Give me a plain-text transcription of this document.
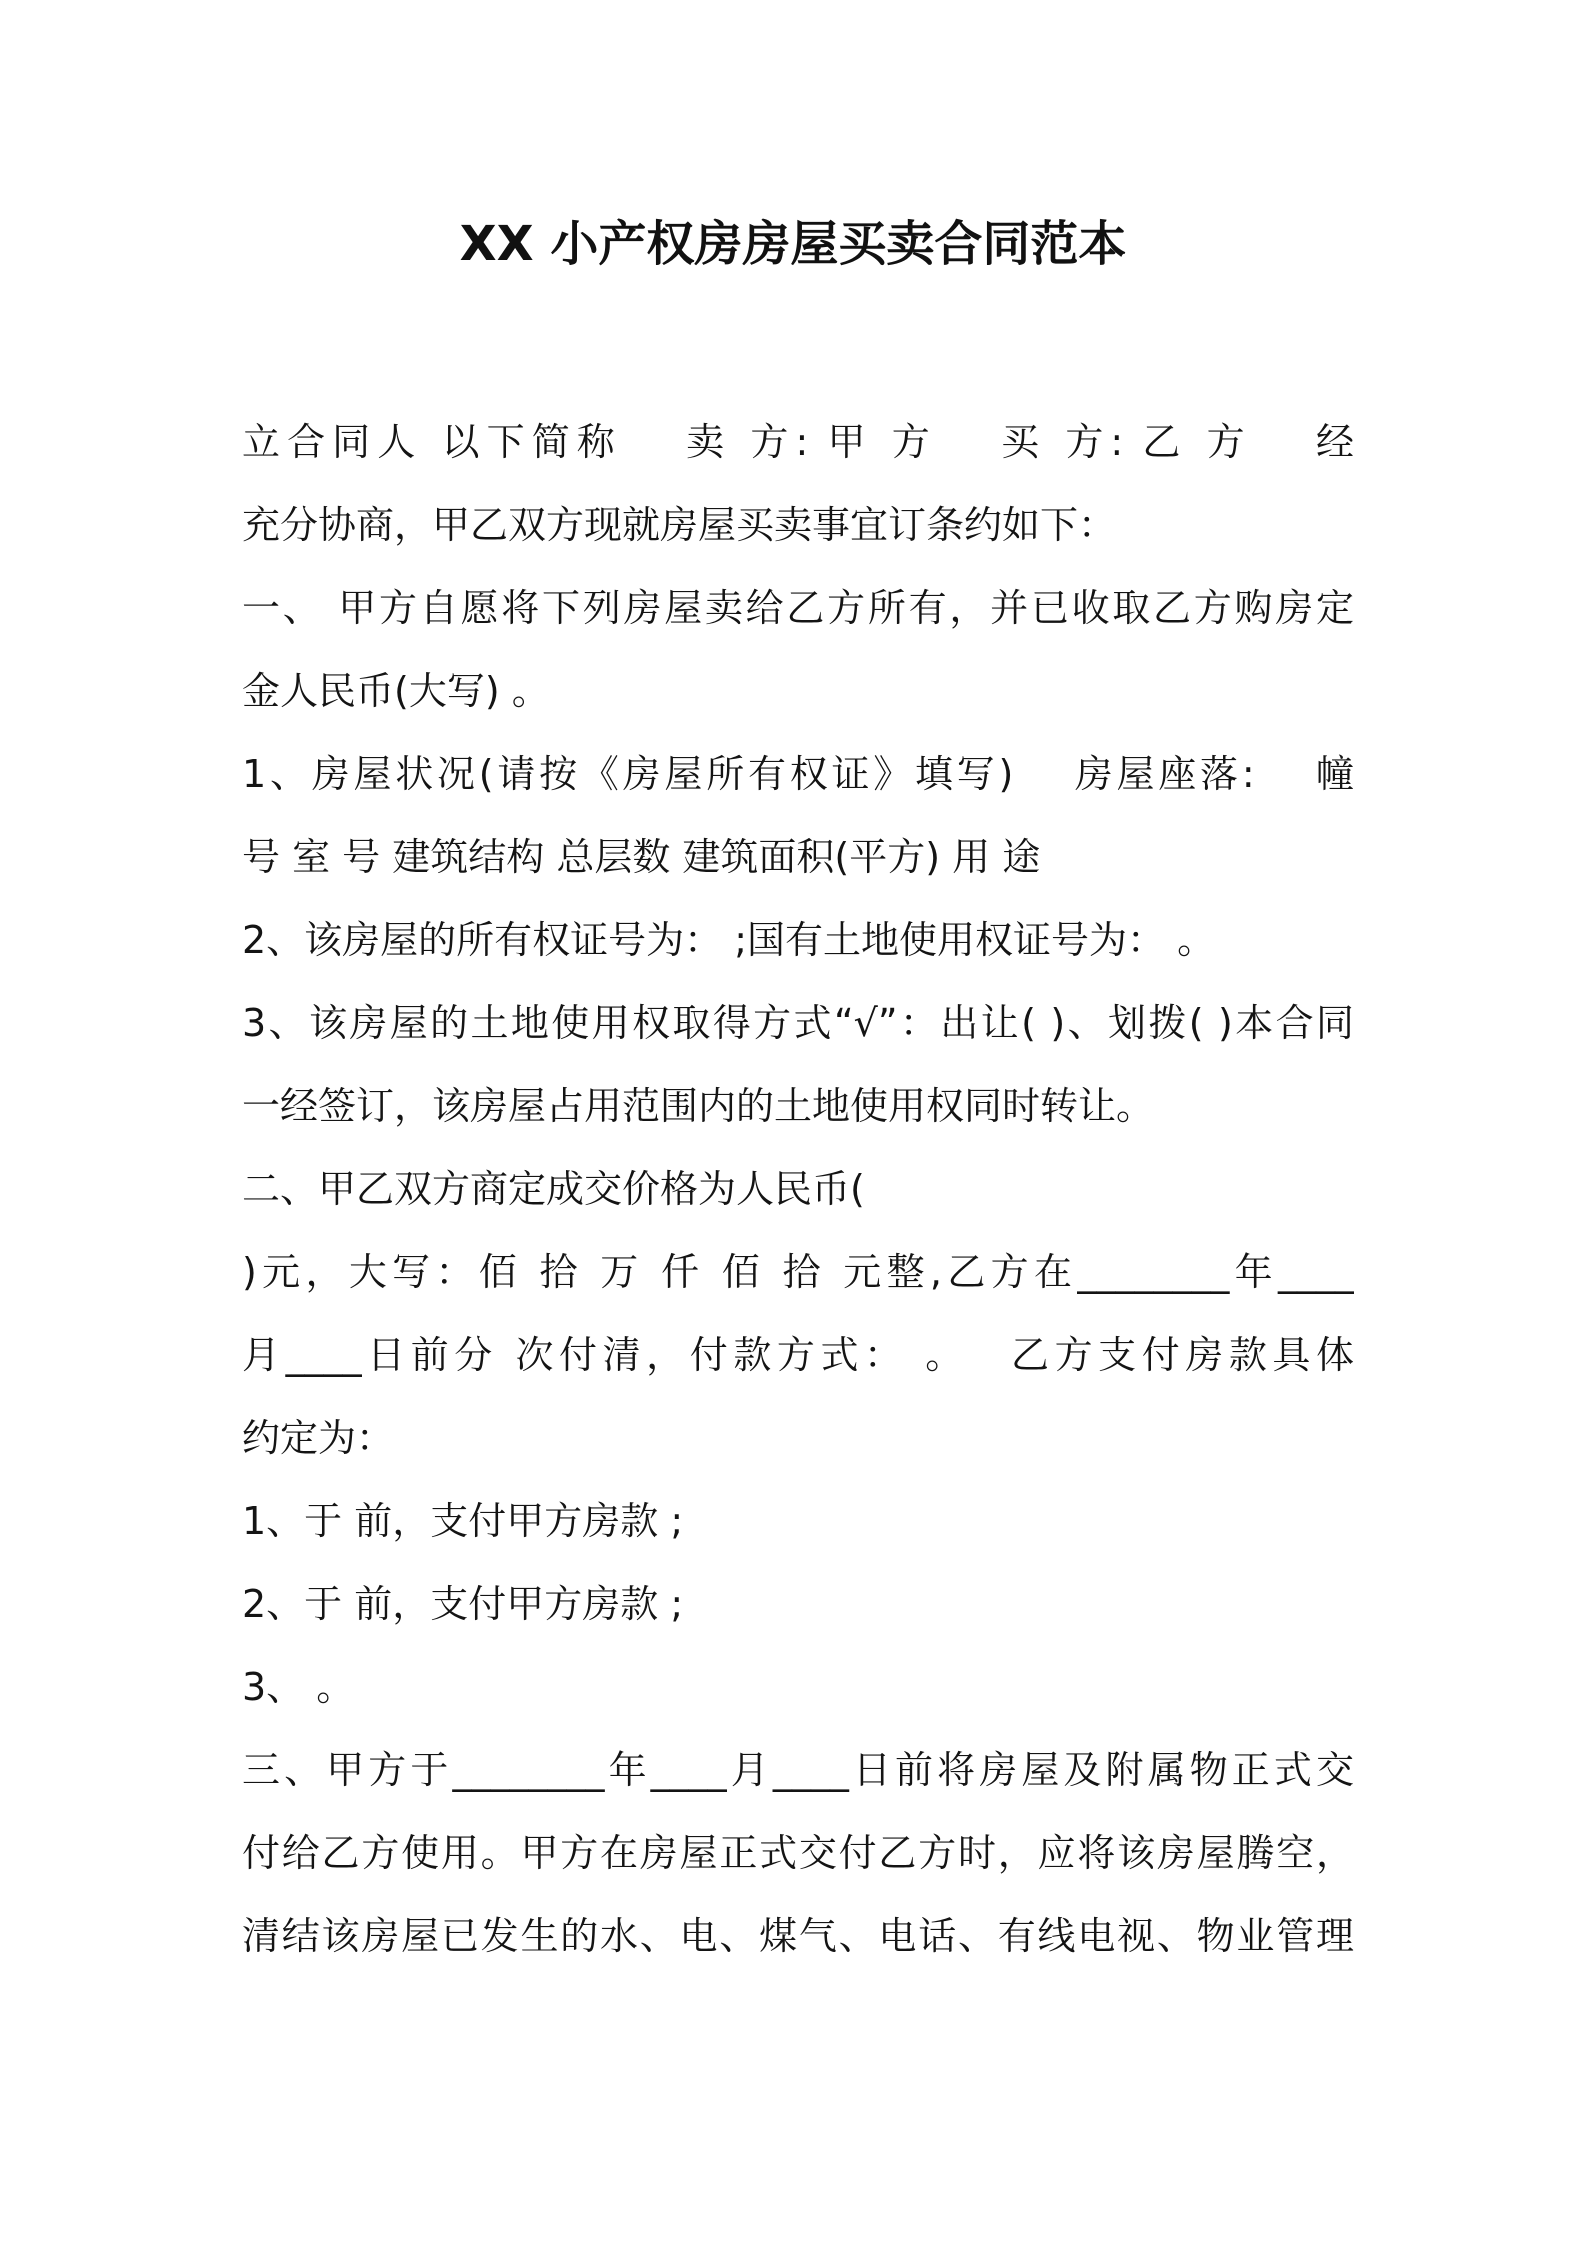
XX 小产权房房屋买卖合同范本
立合同人 以下简称　 卖 方: 甲 方　 买 方: 乙 方　 经
充分协商，甲乙双方现就房屋买卖事宜订条约如下：
一、 甲方自愿将下列房屋卖给乙方所有，并已收取乙方购房定
金人民币(大写) 。
1、房屋状况(请按《房屋所有权证》填写)　 房屋座落:　 幢
号 室 号 建筑结构 总层数 建筑面积(平方) 用 途
2、该房屋的所有权证号为： ;国有土地使用权证号为： 。
3、该房屋的土地使用权取得方式“√”：出让( )、划拨( )本合同
一经签订，该房屋占用范围内的土地使用权同时转让。
二、甲乙双方商定成交价格为人民币(
)元，大写：佰 拾 万 仟 佰 拾 元整,乙方在________年____
月____日前分 次付清，付款方式： 。　 乙方支付房款具体
约定为：
1、于 前，支付甲方房款 ;
2、于 前，支付甲方房款 ;
3、 。
三、甲方于________年____月____日前将房屋及附属物正式交
付给乙方使用。甲方在房屋正式交付乙方时，应将该房屋腾空，
清结该房屋已发生的水、电、煤气、电话、有线电视、物业管理
